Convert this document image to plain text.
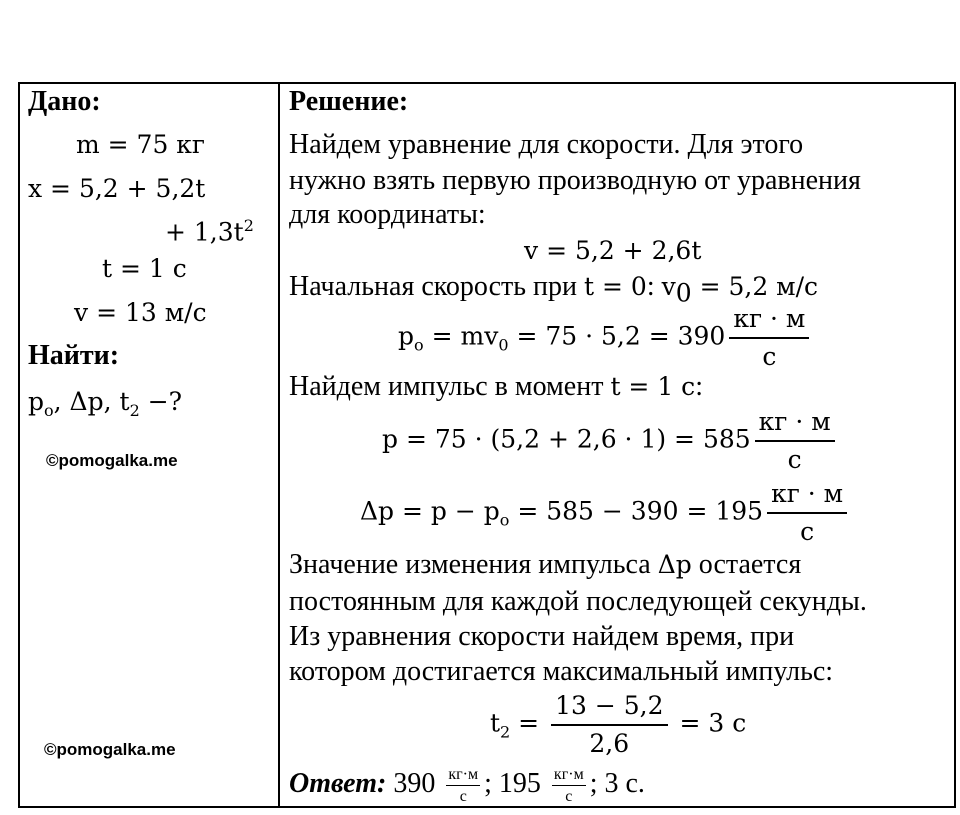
Дано:
m = 75 кг
x = 5,2 + 5,2t
+ $1,3t^2$
t = 1 с
v = 13 м/с
Найти:
$p_o$, Δp, $t_2$ −?
©pomogalka.me
©pomogalka.me
Решение:
Найдем уравнение для скорости. Для этого
нужно взять первую производную от уравнения
для координаты:
v = 5,2 + 2,6t
Начальная скорость при t = 0: $v_0 = 5,2$ м/с
$p_o = mv_0 = 75 \cdot 5,2 = 390 \frac{кг \cdot м}{с}$
Найдем импульс в момент t = 1 с:
$p = 75 \cdot (5,2 + 2,6 \cdot 1) = 585 \frac{кг \cdot м}{с}$
$\Delta p = p - p_o = 585 - 390 = 195 \frac{кг \cdot м}{с}$
Значение изменения импульса Δp остается
постоянным для каждой последующей секунды.
Из уравнения скорости найдем время, при
котором достигается максимальный импульс:
$t_2 = \frac{13 - 5,2}{2,6} = 3$ с
Ответ: $390 \frac{кг\cdot м}{с}$ ; $195 \frac{кг\cdot м}{с}$ ; 3 с.
